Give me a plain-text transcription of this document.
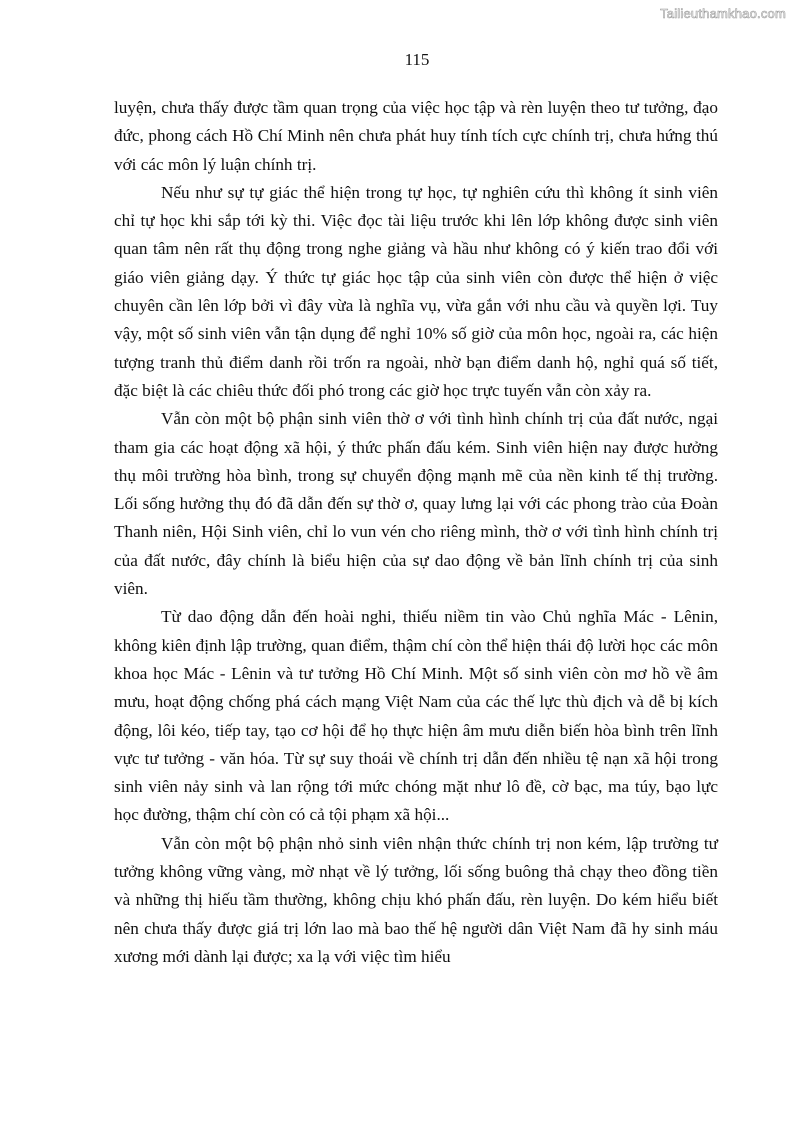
Tailieuthamkhao.com
115

luyện, chưa thấy được tầm quan trọng của việc học tập và rèn luyện theo tư tưởng, đạo đức, phong cách Hồ Chí Minh nên chưa phát huy tính tích cực chính trị, chưa hứng thú với các môn lý luận chính trị.

Nếu như sự tự giác thể hiện trong tự học, tự nghiên cứu thì không ít sinh viên chỉ tự học khi sắp tới kỳ thi. Việc đọc tài liệu trước khi lên lớp không được sinh viên quan tâm nên rất thụ động trong nghe giảng và hầu như không có ý kiến trao đổi với giáo viên giảng dạy. Ý thức tự giác học tập của sinh viên còn được thể hiện ở việc chuyên cần lên lớp bởi vì đây vừa là nghĩa vụ, vừa gắn với nhu cầu và quyền lợi. Tuy vậy, một số sinh viên vẫn tận dụng để nghỉ 10% số giờ của môn học, ngoài ra, các hiện tượng tranh thủ điểm danh rồi trốn ra ngoài, nhờ bạn điểm danh hộ, nghỉ quá số tiết, đặc biệt là các chiêu thức đối phó trong các giờ học trực tuyến vẫn còn xảy ra.

Vẫn còn một bộ phận sinh viên thờ ơ với tình hình chính trị của đất nước, ngại tham gia các hoạt động xã hội, ý thức phấn đấu kém. Sinh viên hiện nay được hưởng thụ môi trường hòa bình, trong sự chuyển động mạnh mẽ của nền kinh tế thị trường. Lối sống hưởng thụ đó đã dẫn đến sự thờ ơ, quay lưng lại với các phong trào của Đoàn Thanh niên, Hội Sinh viên, chỉ lo vun vén cho riêng mình, thờ ơ với tình hình chính trị của đất nước, đây chính là biểu hiện của sự dao động về bản lĩnh chính trị của sinh viên.

Từ dao động dẫn đến hoài nghi, thiếu niềm tin vào Chủ nghĩa Mác - Lênin, không kiên định lập trường, quan điểm, thậm chí còn thể hiện thái độ lười học các môn khoa học Mác - Lênin và tư tưởng Hồ Chí Minh. Một số sinh viên còn mơ hồ về âm mưu, hoạt động chống phá cách mạng Việt Nam của các thế lực thù địch và dễ bị kích động, lôi kéo, tiếp tay, tạo cơ hội để họ thực hiện âm mưu diễn biến hòa bình trên lĩnh vực tư tưởng - văn hóa. Từ sự suy thoái về chính trị dẫn đến nhiều tệ nạn xã hội trong sinh viên nảy sinh và lan rộng tới mức chóng mặt như lô đề, cờ bạc, ma túy, bạo lực học đường, thậm chí còn có cả tội phạm xã hội...

Vẫn còn một bộ phận nhỏ sinh viên nhận thức chính trị non kém, lập trường tư tưởng không vững vàng, mờ nhạt về lý tưởng, lối sống buông thả chạy theo đồng tiền và những thị hiếu tầm thường, không chịu khó phấn đấu, rèn luyện. Do kém hiểu biết nên chưa thấy được giá trị lớn lao mà bao thế hệ người dân Việt Nam đã hy sinh máu xương mới dành lại được; xa lạ với việc tìm hiểu
